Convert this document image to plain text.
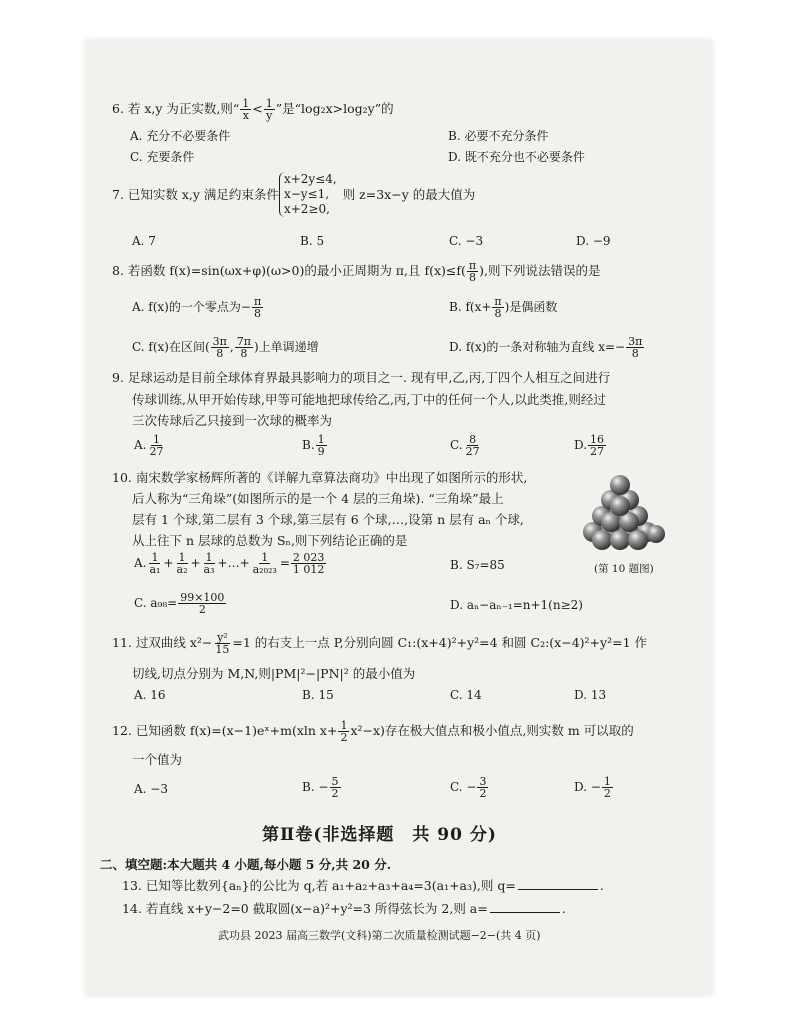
6. 若 x,y 为正实数,则“ $\frac{1}{x} < \frac{1}{y}$ ”是“log₂x>log₂y”的
A. 充分不必要条件	B. 必要不充分条件
C. 充要条件	D. 既不充分也不必要条件
7. 已知实数 x,y 满足约束条件
x+2y≤4,
x−y≤1,
x+2≥0,
则 z=3x−y 的最大值为
A. 7	B. 5	C. −3	D. −9
8. 若函数 f(x)=sin(ωx+φ)(ω>0)的最小正周期为 π,且 $f(x)\le f( \frac{\pi}{8}$ ),则下列说法错误的是
A. f(x)的一个零点为− $\frac{\pi}{8}$	B. $f(x+ \frac{\pi}{8}$ )是偶函数
C. f(x)在区间( $\frac{3\pi}{8}$ , $\frac{7\pi}{8}$ )上单调递增	D. f(x)的一条对称轴为直线 $x=- \frac{3\pi}{8}$
9. 足球运动是目前全球体育界最具影响力的项目之一. 现有甲,乙,丙,丁四个人相互之间进行
传球训练,从甲开始传球,甲等可能地把球传给乙,丙,丁中的任何一个人,以此类推,则经过
三次传球后乙只接到一次球的概率为
A. $\frac{1}{27}$	B. $\frac{1}{9}$	C. $\frac{8}{27}$	D. $\frac{16}{27}$
10. 南宋数学家杨辉所著的《详解九章算法商功》中出现了如图所示的形状,
后人称为“三角垛”(如图所示的是一个 4 层的三角垛). “三角垛”最上
层有 1 个球,第二层有 3 个球,第三层有 6 个球,…,设第 n 层有 aₙ 个球,
从上往下 n 层球的总数为 Sₙ,则下列结论正确的是
(第 10 题图)
A. $\frac{1}{\text{a₁}} + \frac{1}{\text{a₂}} + \frac{1}{\text{a₃}}$ +…+ $\frac{1}{\text{a₂₀₂₃}} = \frac{2 023}{1 012}$	B. S₇=85
C. $a_{98}= \frac{99\times 100}{2}$	D. aₙ−aₙ₋₁=n+1(n≥2)
11. 过双曲线 $x^2- \frac{\text{y²}}{15} =1$ 的右支上一点 P,分别向圆 C₁:(x+4)²+y²=4 和圆 C₂:(x−4)²+y²=1 作
切线,切点分别为 M,N,则|PM|²−|PN|² 的最小值为
A. 16	B. 15	C. 14	D. 13
12. 已知函数 f(x)=(x−1)eˣ+m(xln $x+ \frac{1}{2} x^2-x$)存在极大值点和极小值点,则实数 m 可以取的
一个值为
A. −3	B. − $\frac{5}{2}$	C. − $\frac{3}{2}$	D. − $\frac{1}{2}$
第Ⅱ卷(非选择题　共 90 分)
二、填空题:本大题共 4 小题,每小题 5 分,共 20 分.
13. 已知等比数列{aₙ}的公比为 q,若 a₁+a₂+a₃+a₄=3(a₁+a₃),则 q=	.
14. 若直线 x+y−2=0 截取圆(x−a)²+y²=3 所得弦长为 2,则 a=	.
武功县 2023 届高三数学(文科)第二次质量检测试题−2−(共 4 页)
